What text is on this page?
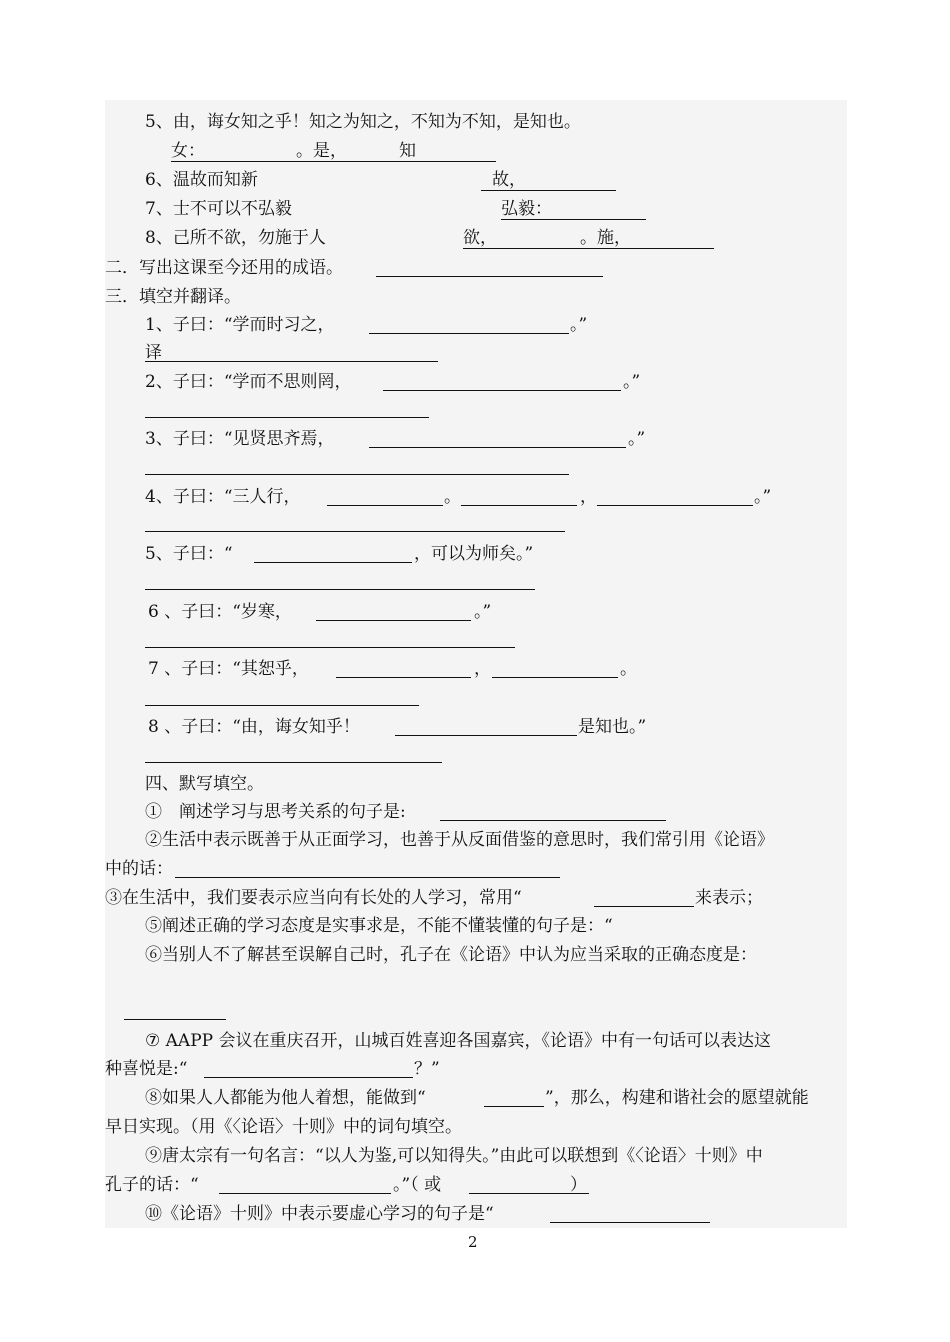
5、由，诲女知之乎！知之为知之，不知为不知，是知也。
女：	。是，	知
6、温故而知新	故，
7、士不可以不弘毅	弘毅：
8、己所不欲，勿施于人	欲，	。施，
二．写出这课至今还用的成语。
三．填空并翻译。
1、子曰：“学而时习之，	。”
译
2、子曰：“学而不思则罔，	。”
3、子曰：“见贤思齐焉，	。”
4、子曰：“三人行，	。	，	。”
5、子曰：“	，可以为师矣。”
6 、子曰：“岁寒，	。”
7 、子曰：“其恕乎，	，	。
8 、子曰：“由，诲女知乎！	是知也。”
四、默写填空。
①　阐述学习与思考关系的句子是:
②生活中表示既善于从正面学习，也善于从反面借鉴的意思时，我们常引用《论语》
中的话：
③在生活中，我们要表示应当向有长处的人学习，常用“	来表示；
⑤阐述正确的学习态度是实事求是，不能不懂装懂的句子是：“
⑥当别人不了解甚至误解自己时，孔子在《论语》中认为应当采取的正确态度是：
⑦ AAPP 会议在重庆召开，山城百姓喜迎各国嘉宾，《论语》中有一句话可以表达这
种喜悦是:“	？”
⑧如果人人都能为他人着想，能做到“	”，那么，构建和谐社会的愿望就能
早日实现。（用《〈论语〉十则》中的词句填空。
⑨唐太宗有一句名言：“以人为鉴,可以知得失。”由此可以联想到《〈论语〉十则》中
孔子的话：“	。”（ 或	）
⑩《论语》十则》中表示要虚心学习的句子是“
2
